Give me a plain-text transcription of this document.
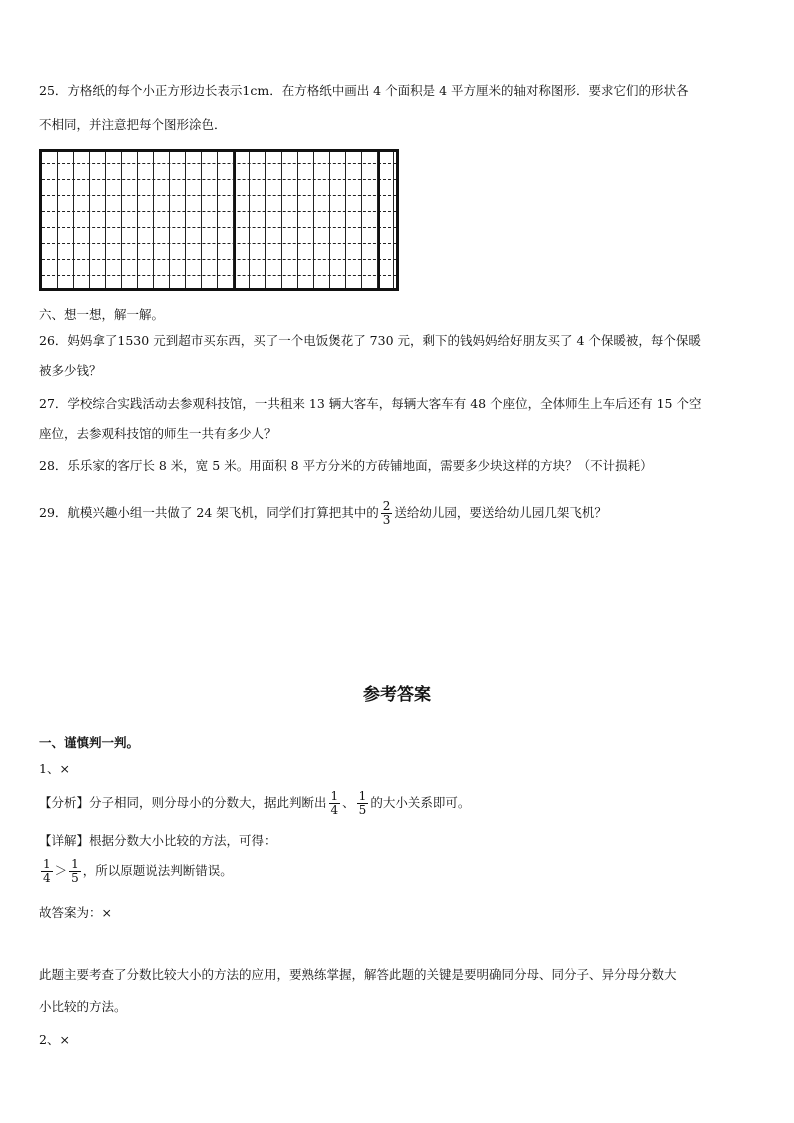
25．方格纸的每个小正方形边长表示1cm．在方格纸中画出 4 个面积是 4 平方厘米的轴对称图形．要求它们的形状各
不相同，并注意把每个图形涂色．
六、想一想，解一解。
26．妈妈拿了1530 元到超市买东西，买了一个电饭煲花了 730 元，剩下的钱妈妈给好朋友买了 4 个保暖被，每个保暖
被多少钱？
27．学校综合实践活动去参观科技馆，一共租来 13 辆大客车，每辆大客车有 48 个座位，全体师生上车后还有 15 个空
座位，去参观科技馆的师生一共有多少人？
28．乐乐家的客厅长 8 米，宽 5 米。用面积 8 平方分米的方砖铺地面，需要多少块这样的方块？（不计损耗）
29．航模兴趣小组一共做了 24 架飞机，同学们打算把其中的 $\frac{2}{3}$ 送给幼儿园，要送给幼儿园几架飞机？
参考答案
一、谨慎判一判。
1、×
【分析】分子相同，则分母小的分数大，据此判断出 $\frac{1}{4}$ 、 $\frac{1}{5}$ 的大小关系即可。
【详解】根据分数大小比较的方法，可得：
$\frac{1}{4} > \frac{1}{5}$ ，所以原题说法判断错误。
故答案为：×
此题主要考查了分数比较大小的方法的应用，要熟练掌握，解答此题的关键是要明确同分母、同分子、异分母分数大
小比较的方法。
2、×
